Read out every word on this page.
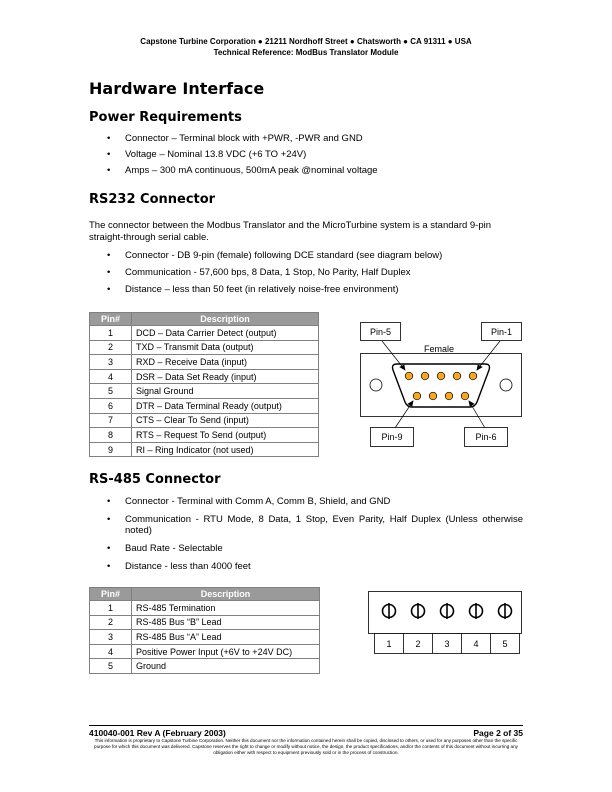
Capstone Turbine Corporation ● 21211 Nordhoff Street ● Chatsworth ● CA 91311 ● USA
Technical Reference: ModBus Translator Module
Hardware Interface
Power Requirements
• Connector – Terminal block with +PWR, -PWR and GND
• Voltage – Nominal 13.8 VDC (+6 TO +24V)
• Amps – 300 mA continuous, 500mA peak @nominal voltage
RS232 Connector
The connector between the Modbus Translator and the MicroTurbine system is a standard 9-pin straight-through serial cable.
• Connector - DB 9-pin (female) following DCE standard (see diagram below)
• Communication - 57,600 bps, 8 Data, 1 Stop, No Parity, Half Duplex
• Distance – less than 50 feet (in relatively noise-free environment)
Pin#	Description
1	DCD – Data Carrier Detect (output)
2	TXD – Transmit Data (output)
3	RXD – Receive Data (input)
4	DSR – Data Set Ready (input)
5	Signal Ground
6	DTR – Data Terminal Ready (output)
7	CTS – Clear To Send (input)
8	RTS – Request To Send (output)
9	RI – Ring Indicator (not used)
Pin-5	Pin-1
Female
Pin-9	Pin-6
RS-485 Connector
• Connector - Terminal with Comm A, Comm B, Shield, and GND
• Communication - RTU Mode, 8 Data, 1 Stop, Even Parity, Half Duplex (Unless otherwise noted)
• Baud Rate - Selectable
• Distance - less than 4000 feet
Pin#	Description
1	RS-485 Termination
2	RS-485 Bus “B” Lead
3	RS-485 Bus “A” Lead
4	Positive Power Input (+6V to +24V DC)
5	Ground
1	2	3	4	5
410040-001 Rev A (February 2003)	Page 2 of 35
This information is proprietary to Capstone Turbine Corporation. Neither this document nor the information contained herein shall be copied, disclosed to others, or used for any purposes other than the specific purpose for which this document was delivered. Capstone reserves the right to change or modify without notice, the design, the product specifications, and/or the contents of this document without incurring any obligation either with respect to equipment previously sold or in the process of construction.
